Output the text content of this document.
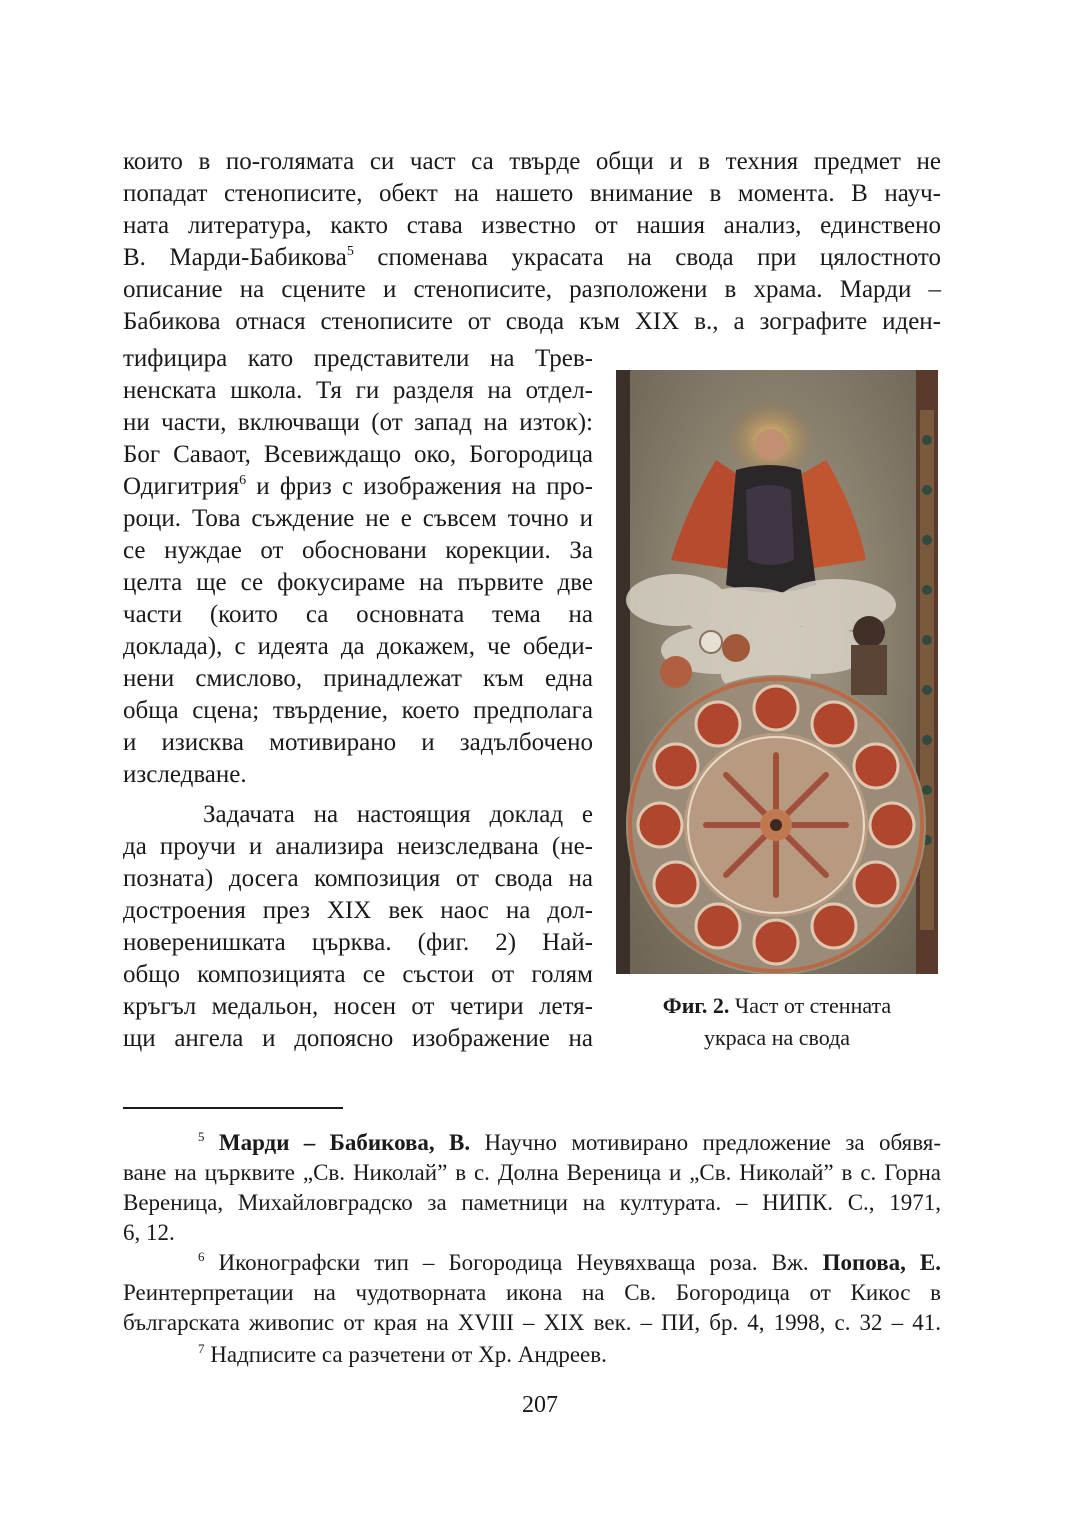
които в по-голямата си част са твърде общи и в техния предмет не
попадат стенописите, обект на нашето внимание в момента. В науч-
ната литература, както става известно от нашия анализ, единствено
В. Марди-Бабикова$^5$ споменава украсата на свода при цялостното
описание на сцените и стенописите, разположени в храма. Марди –
Бабикова отнася стенописите от свода към XIX в., а зографите иден-
тифицира като представители на Трев-
ненската школа. Тя ги разделя на отдел-
ни части, включващи (от запад на изток):
Бог Саваот, Всевиждащо око, Богородица
Одигитрия$^6$ и фриз с изображения на про-
роци. Това съждение не е съвсем точно и
се нуждае от обосновани корекции. За
целта ще се фокусираме на първите две
части (които са основната тема на
доклада), с идеята да докажем, че обеди-
нени смислово, принадлежат към една
обща сцена; твърдение, което предполага
и изисква мотивирано и задълбочено
изследване.
Задачата на настоящия доклад е
да проучи и анализира неизследвана (не-
позната) досега композиция от свода на
достроения през XIX век наос на дол-
новеренишката църква. (фиг. 2) Най-
общо композицията се състои от голям
кръгъл медальон, носен от четири летя-
щи ангела и допоясно изображение на
Фиг. 2. Част от стенната
украса на свода
$^5$ Марди – Бабикова, В. Научно мотивирано предложение за обявя-
ване на църквите „Св. Николай” в с. Долна Вереница и „Св. Николай” в с. Горна
Вереница, Михайловградско за паметници на културата. – НИПК. С., 1971,
6, 12.
$^6$ Иконографски тип – Богородица Неувяхваща роза. Вж. Попова, Е.
Реинтерпретации на чудотворната икона на Св. Богородица от Кикос в
българската живопис от края на XVIII – XIX век. – ПИ, бр. 4, 1998, с. 32 – 41.
$^7$ Надписите са разчетени от Хр. Андреев.
207
